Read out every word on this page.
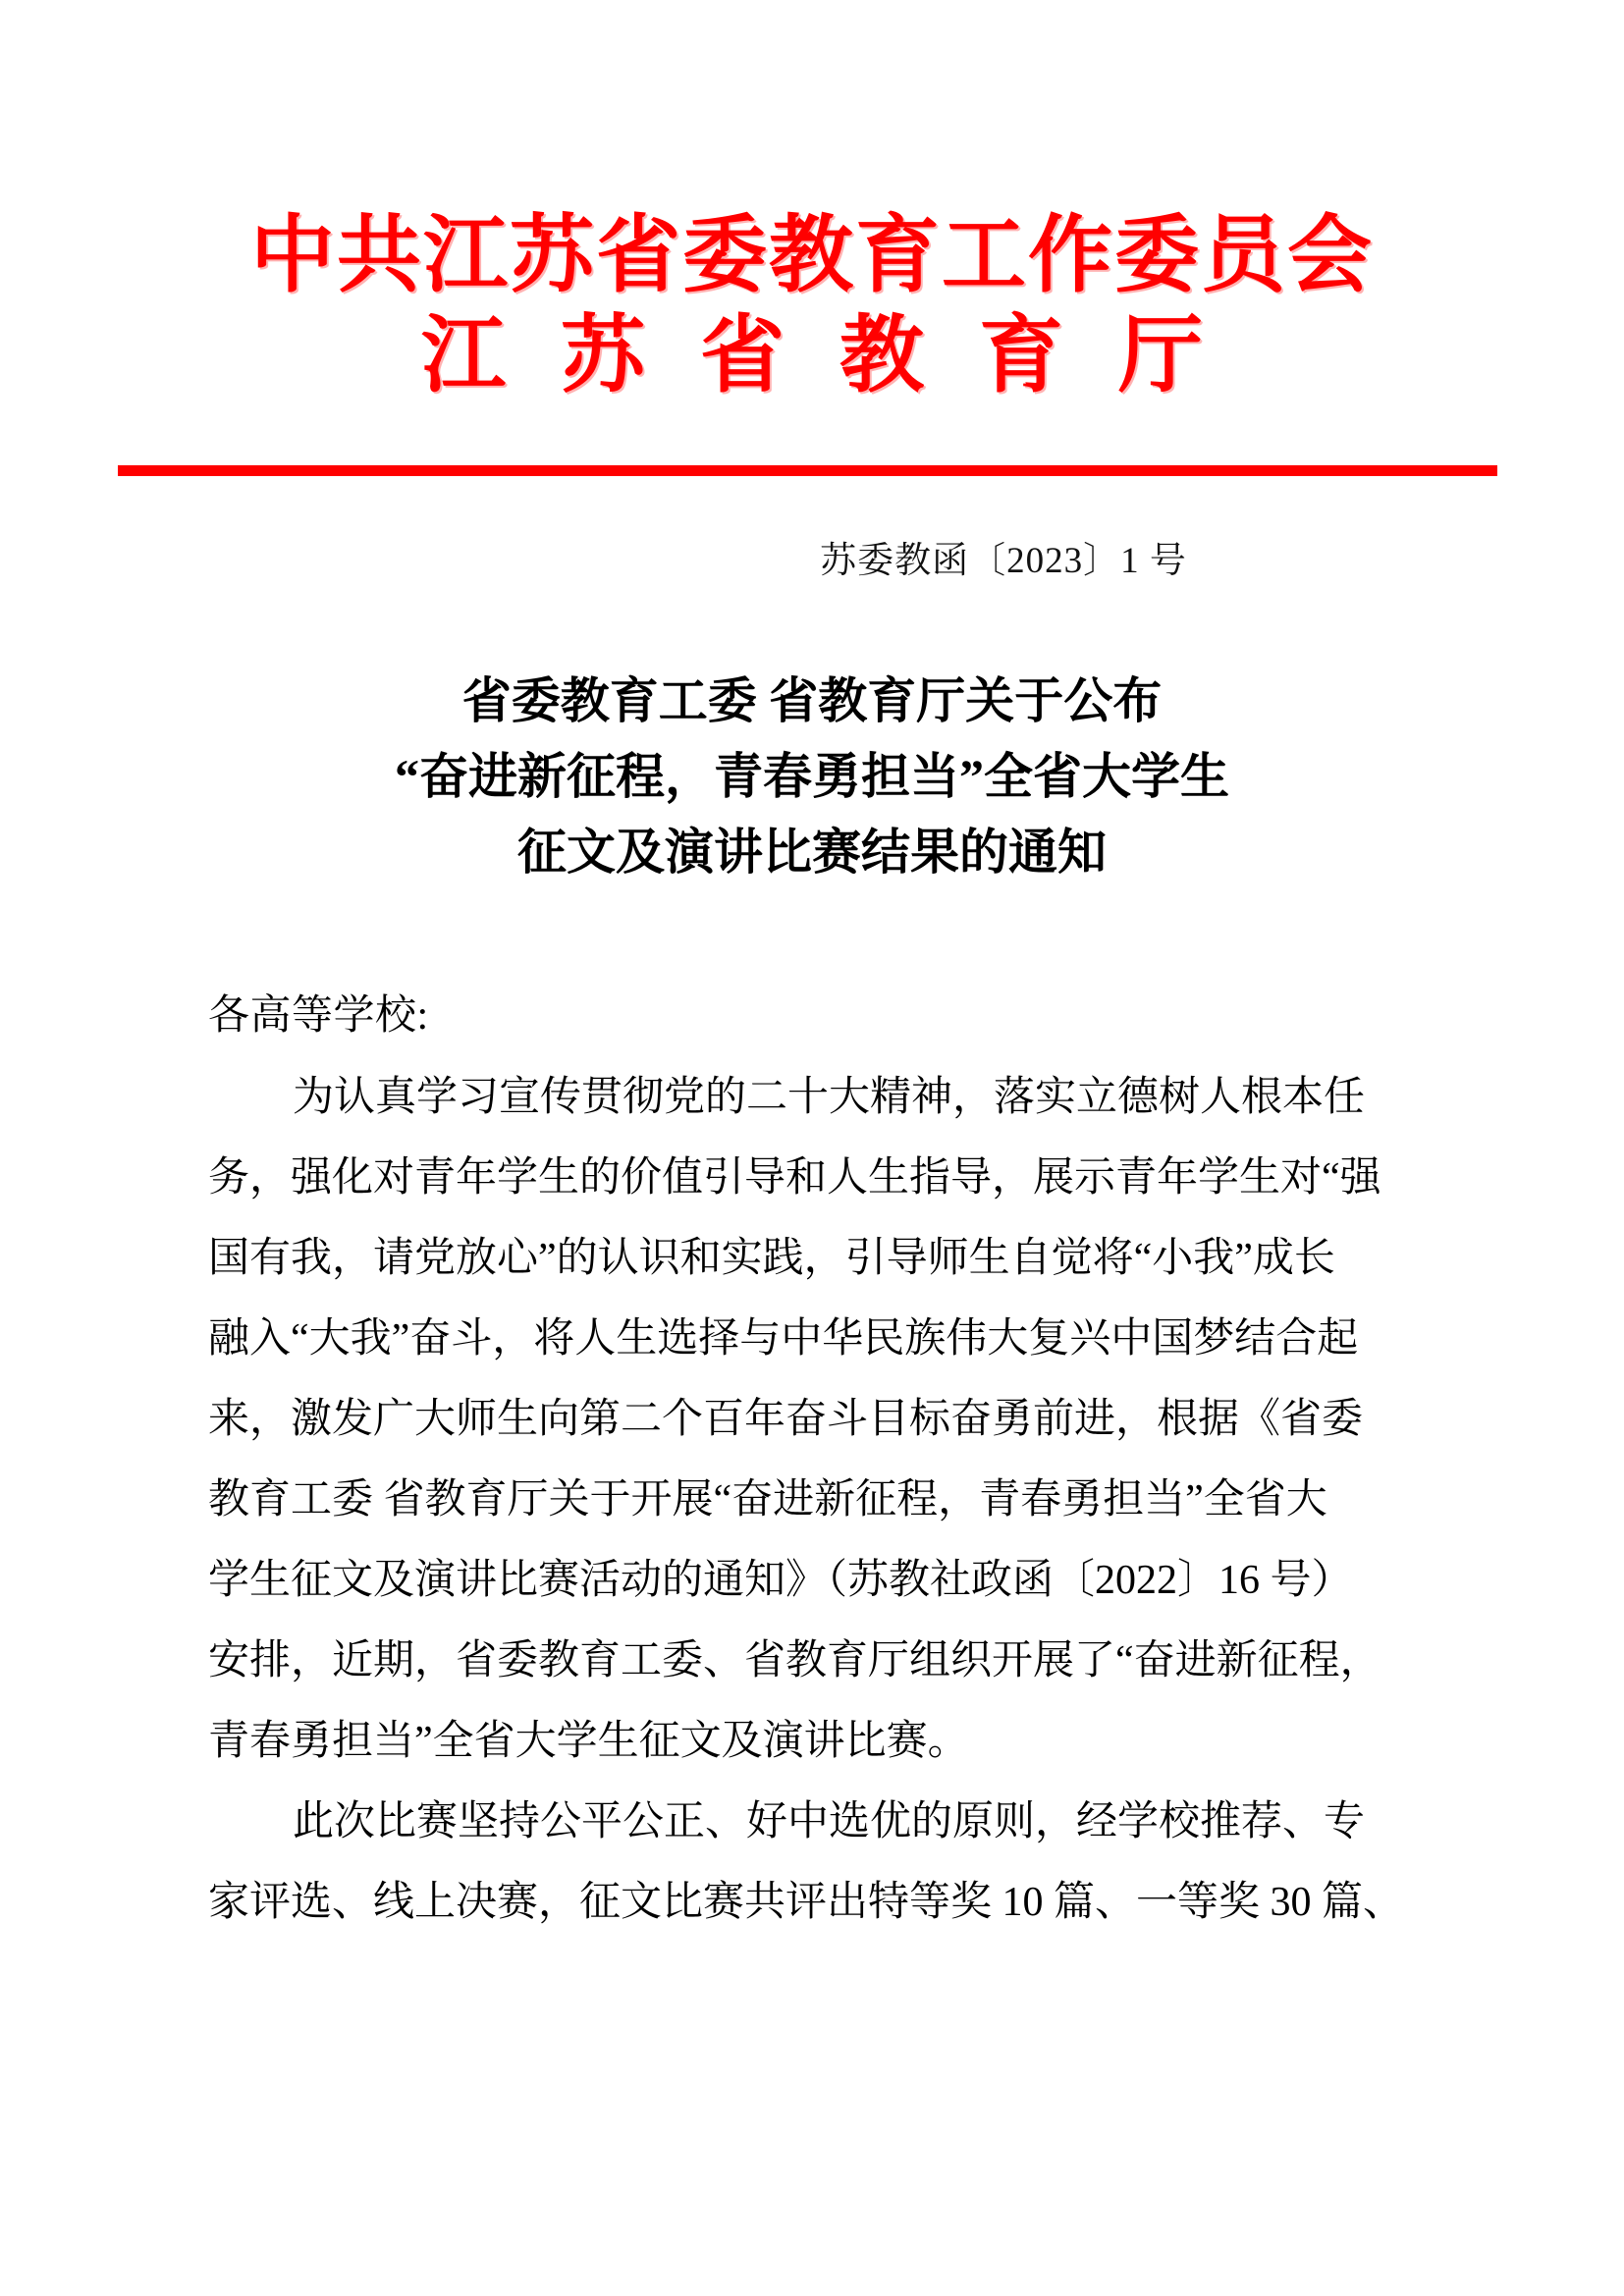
中共江苏省委教育工作委员会
江苏省教育厅
苏委教函〔2023〕1 号
省委教育工委 省教育厅关于公布
“奋进新征程，青春勇担当”全省大学生
征文及演讲比赛结果的通知
各高等学校:
为认真学习宣传贯彻党的二十大精神，落实立德树人根本任
务，强化对青年学生的价值引导和人生指导，展示青年学生对“强
国有我，请党放心”的认识和实践，引导师生自觉将“小我”成长
融入“大我”奋斗，将人生选择与中华民族伟大复兴中国梦结合起
来，激发广大师生向第二个百年奋斗目标奋勇前进，根据《省委
教育工委 省教育厅关于开展“奋进新征程，青春勇担当”全省大
学生征文及演讲比赛活动的通知》（苏教社政函〔2022〕16 号）
安排，近期，省委教育工委、省教育厅组织开展了“奋进新征程，
青春勇担当”全省大学生征文及演讲比赛。
此次比赛坚持公平公正、好中选优的原则，经学校推荐、专
家评选、线上决赛，征文比赛共评出特等奖 10 篇、一等奖 30 篇、
